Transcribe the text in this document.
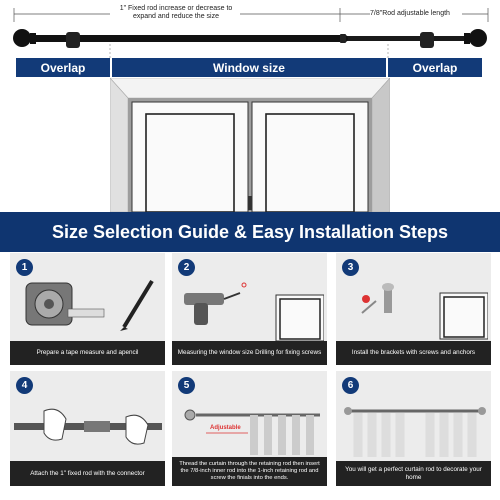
1" Fixed rod increase or decrease to
expand and reduce the size	7/8"Rod adjustable length
Overlap	Window size	Overlap
Size Selection Guide & Easy Installation Steps
1
Prepare a tape measure and apencil
2
Measuring the window size Drilling for fixing screws
3
Install the brackets with screws and anchors
4
Attach the 1" fixed rod with the connector
5
Adjustable
Thread the curtain through the retaining rod then insert the 7/8-inch inner rod into the 1-inch retaining rod and screw the finials into the ends.
6
You will get a perfect curtain rod to decorate your home
